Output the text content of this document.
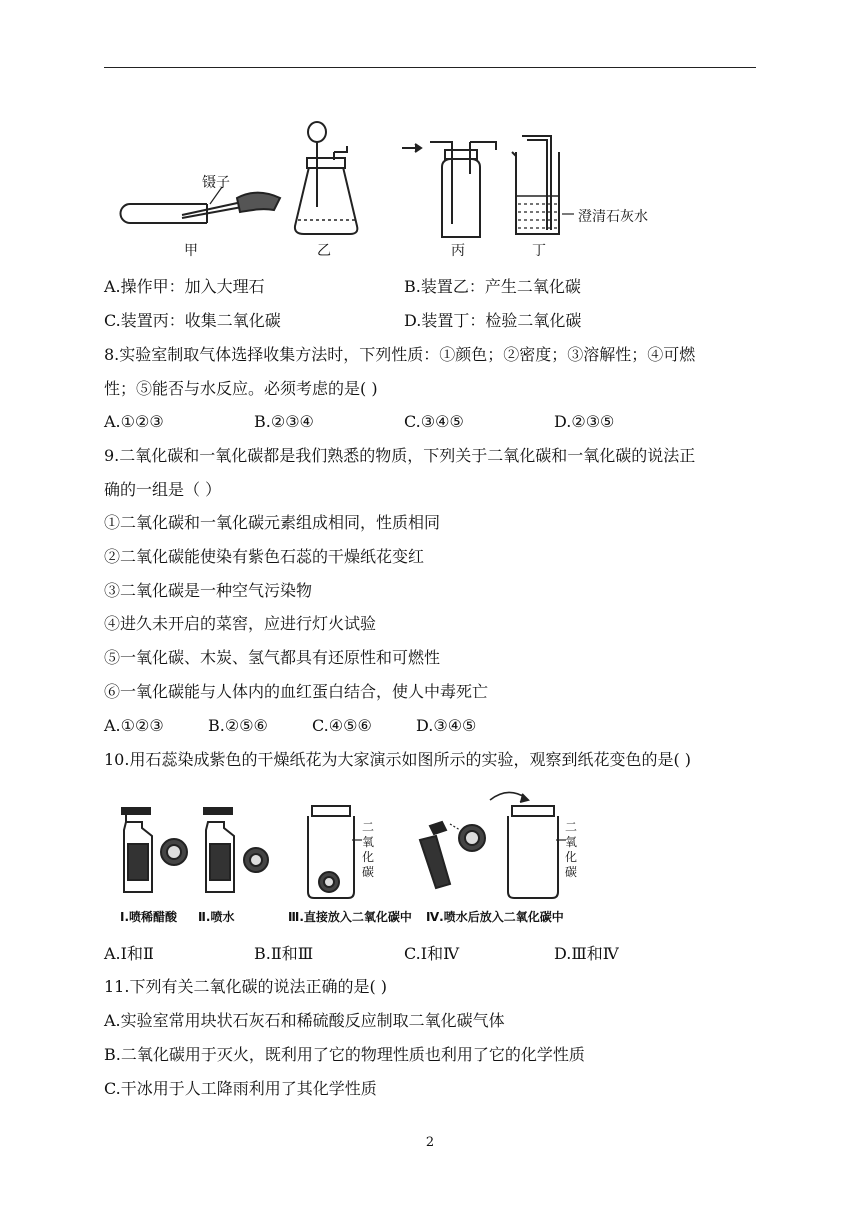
镊子
澄清石灰水
甲	乙	丙	丁
A.操作甲：加入大理石	B.装置乙：产生二氧化碳
C.装置丙：收集二氧化碳	D.装置丁：检验二氧化碳
8.实验室制取气体选择收集方法时，下列性质：①颜色；②密度；③溶解性；④可燃
性；⑤能否与水反应。必须考虑的是( )
A.①②③	B.②③④	C.③④⑤	D.②③⑤
9.二氧化碳和一氧化碳都是我们熟悉的物质，下列关于二氧化碳和一氧化碳的说法正
确的一组是（ ）
①二氧化碳和一氧化碳元素组成相同，性质相同
②二氧化碳能使染有紫色石蕊的干燥纸花变红
③二氧化碳是一种空气污染物
④进久未开启的菜窖，应进行灯火试验
⑤一氧化碳、木炭、氢气都具有还原性和可燃性
⑥一氧化碳能与人体内的血红蛋白结合，使人中毒死亡
A.①②③	B.②⑤⑥	C.④⑤⑥	D.③④⑤
10.用石蕊染成紫色的干燥纸花为大家演示如图所示的实验，观察到纸花变色的是( )
二氧化碳
二氧化碳
Ⅰ.喷稀醋酸 Ⅱ.喷水	Ⅲ.直接放入二氧化碳中 Ⅳ.喷水后放入二氧化碳中
A.Ⅰ和Ⅱ	B.Ⅱ和Ⅲ	C.Ⅰ和Ⅳ	D.Ⅲ和Ⅳ
11.下列有关二氧化碳的说法正确的是( )
A.实验室常用块状石灰石和稀硫酸反应制取二氧化碳气体
B.二氧化碳用于灭火，既利用了它的物理性质也利用了它的化学性质
C.干冰用于人工降雨利用了其化学性质
2
